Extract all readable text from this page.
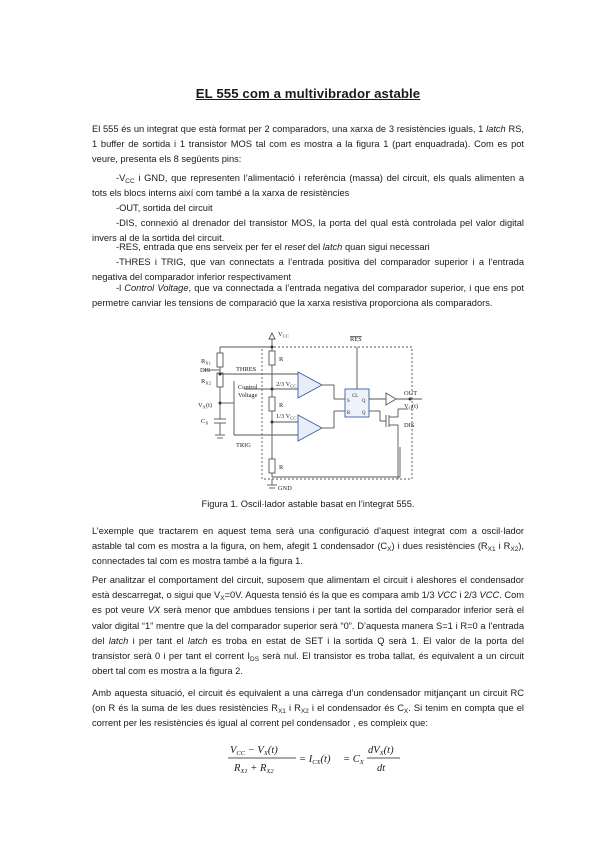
EL 555 com a multivibrador astable
El 555 és un integrat que està format per 2 comparadors, una xarxa de 3 resistències iguals, 1 latch RS, 1 buffer de sortida i 1 transistor MOS tal com es mostra a la figura 1 (part enquadrada). Com es pot veure, presenta els 8 següents pins:
$-V_{CC}$ i GND, que representen l’alimentació i referència (massa) del circuit, els quals alimenten a tots els blocs interns així com també a la xarxa de resistències
-OUT, sortida del circuit
-DIS, connexió al drenador del transistor MOS, la porta del qual està controlada pel valor digital invers al de la sortida del circuit.
-RES, entrada que ens serveix per fer el reset del latch quan sigui necessari
-THRES i TRIG, que van connectats a l’entrada positiva del comparador superior i a l’entrada negativa del comparador inferior respectivament
-l Control Voltage, que va connectada a l’entrada negativa del comparador superior, i que ens pot permetre canviar les tensions de comparació que la xarxa resistiva proporciona als comparadors.
$V_{CC}$	RES
R
R
R
THRES
$R_{X1}$
DIS
$R_{X2}$
Control
Voltage
2/3 $V_{CC}$
1/3 $V_{CC}$
$V_X(t)$
$C_X$
TRIG
GND
OUT
$V_O(t)$
DIS
CL
S
R
Q
Q
Figura 1. Oscil·lador astable basat en l’integrat 555.
L’exemple que tractarem en aquest tema serà una configuració d’aquest integrat com a oscil·lador astable tal com es mostra a la figura, on hem, afegit 1 condensador $(C_X)$ i dues resistències ($R_{X1}$ i $R_{X2}$), connectades tal com es mostra també a la figura 1.
Per analitzar el comportament del circuit, suposem que alimentam el circuit i aleshores el condensador està descarregat, o sigui que $V_X=0V$. Aquesta tensió és la que es compara amb 1/3 VCC i 2/3 VCC. Com es pot veure VX serà menor que ambdues tensions i per tant la sortida del comparador inferior serà el valor digital “1” mentre que la del comparador superior serà “0”. D’aquesta manera S=1 i R=0 a l’entrada del latch i per tant el latch es troba en estat de SET i la sortida Q serà 1. El valor de la porta del transistor serà 0 i per tant el corrent $I_{DS}$ serà nul. El transistor es troba tallat, és equivalent a un circuit obert tal com es mostra a la figura 2.
Amb aquesta situació, el circuit és equivalent a una càrrega d’un condensador mitjançant un circuit RC (on R és la suma de les dues resistències $R_{X1}$ i $R_{X2}$ i el condensador és $C_X$. Si tenim en compta que el corrent per les resistències és igual al corrent pel condensador , es compleix que:
VCC − VX(t)
RX1 + RX2
= ICX(t) = CX
dVX(t)
dt
